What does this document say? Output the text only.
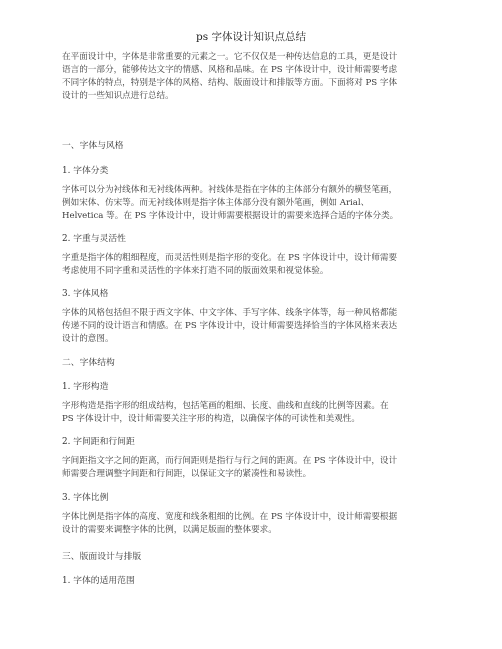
ps 字体设计知识点总结
在平面设计中，字体是非常重要的元素之一。它不仅仅是一种传达信息的工具，更是设计
语言的一部分，能够传达文字的情感、风格和品味。在 PS 字体设计中，设计师需要考虑
不同字体的特点，特别是字体的风格、结构、版面设计和排版等方面。下面将对 PS 字体
设计的一些知识点进行总结。
一、字体与风格
1. 字体分类
字体可以分为衬线体和无衬线体两种。衬线体是指在字体的主体部分有额外的横竖笔画，
例如宋体、仿宋等。而无衬线体则是指字体主体部分没有额外笔画，例如 Arial、
Helvetica 等。在 PS 字体设计中，设计师需要根据设计的需要来选择合适的字体分类。
2. 字重与灵活性
字重是指字体的粗细程度，而灵活性则是指字形的变化。在 PS 字体设计中，设计师需要
考虑使用不同字重和灵活性的字体来打造不同的版面效果和视觉体验。
3. 字体风格
字体的风格包括但不限于西文字体、中文字体、手写字体、线条字体等，每一种风格都能
传递不同的设计语言和情感。在 PS 字体设计中，设计师需要选择恰当的字体风格来表达
设计的意图。
二、字体结构
1. 字形构造
字形构造是指字形的组成结构，包括笔画的粗细、长度、曲线和直线的比例等因素。在
PS 字体设计中，设计师需要关注字形的构造，以确保字体的可读性和美观性。
2. 字间距和行间距
字间距指文字之间的距离，而行间距则是指行与行之间的距离。在 PS 字体设计中，设计
师需要合理调整字间距和行间距，以保证文字的紧凑性和易读性。
3. 字体比例
字体比例是指字体的高度、宽度和线条粗细的比例。在 PS 字体设计中，设计师需要根据
设计的需要来调整字体的比例，以满足版面的整体要求。
三、版面设计与排版
1. 字体的适用范围
